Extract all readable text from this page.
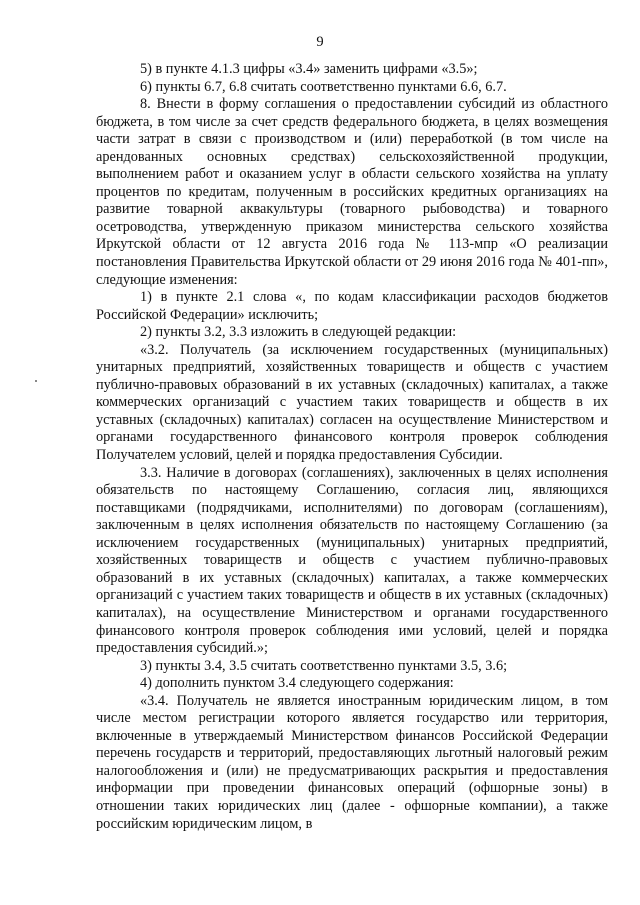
9

5) в пункте 4.1.3 цифры «3.4» заменить цифрами «3.5»;

6) пункты 6.7, 6.8 считать соответственно пунктами 6.6, 6.7.

8. Внести в форму соглашения о предоставлении субсидий из областного бюджета, в том числе за счет средств федерального бюджета, в целях возмещения части затрат в связи с производством и (или) переработкой (в том числе на арендованных основных средствах) сельскохозяйственной продукции, выполнением работ и оказанием услуг в области сельского хозяйства на уплату процентов по кредитам, полученным в российских кредитных организациях на развитие товарной аквакультуры (товарного рыбоводства) и товарного осетроводства, утвержденную приказом министерства сельского хозяйства Иркутской области от 12 августа 2016 года № 113-мпр «О реализации постановления Правительства Иркутской области от 29 июня 2016 года № 401-пп», следующие изменения:

1) в пункте 2.1 слова «, по кодам классификации расходов бюджетов Российской Федерации» исключить;

2) пункты 3.2, 3.3 изложить в следующей редакции:

«3.2. Получатель (за исключением государственных (муниципальных) унитарных предприятий, хозяйственных товариществ и обществ с участием публично-правовых образований в их уставных (складочных) капиталах, а также коммерческих организаций с участием таких товариществ и обществ в их уставных (складочных) капиталах) согласен на осуществление Министерством и органами государственного финансового контроля проверок соблюдения Получателем условий, целей и порядка предоставления Субсидии.

3.3. Наличие в договорах (соглашениях), заключенных в целях исполнения обязательств по настоящему Соглашению, согласия лиц, являющихся поставщиками (подрядчиками, исполнителями) по договорам (соглашениям), заключенным в целях исполнения обязательств по настоящему Соглашению (за исключением государственных (муниципальных) унитарных предприятий, хозяйственных товариществ и обществ с участием публично-правовых образований в их уставных (складочных) капиталах, а также коммерческих организаций с участием таких товариществ и обществ в их уставных (складочных) капиталах), на осуществление Министерством и органами государственного финансового контроля проверок соблюдения ими условий, целей и порядка предоставления субсидий.»;

3) пункты 3.4, 3.5 считать соответственно пунктами 3.5, 3.6;

4) дополнить пунктом 3.4 следующего содержания:

«3.4. Получатель не является иностранным юридическим лицом, в том числе местом регистрации которого является государство или территория, включенные в утверждаемый Министерством финансов Российской Федерации перечень государств и территорий, предоставляющих льготный налоговый режим налогообложения и (или) не предусматривающих раскрытия и предоставления информации при проведении финансовых операций (офшорные зоны) в отношении таких юридических лиц (далее - офшорные компании), а также российским юридическим лицом, в
